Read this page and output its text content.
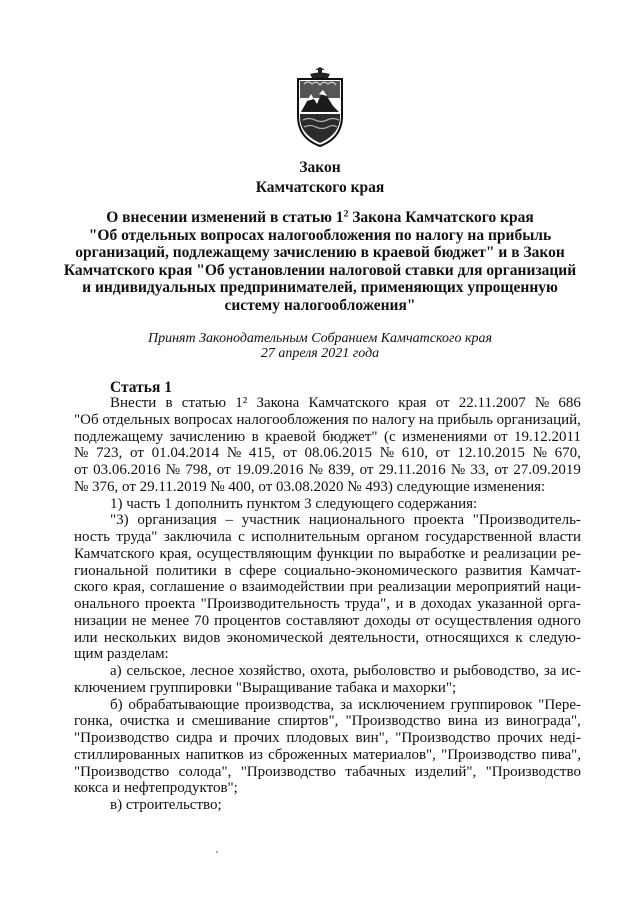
Закон
Камчатского края
О внесении изменений в статью $1^2$ Закона Камчатского края
"Об отдельных вопросах налогообложения по налогу на прибыль
организаций, подлежащему зачислению в краевой бюджет" и в Закон
Камчатского края "Об установлении налоговой ставки для организаций
и индивидуальных предпринимателей, применяющих упрощенную
систему налогообложения"
Принят Законодательным Собранием Камчатского края
27 апреля 2021 года
Статья 1
Внести в статью 1² Закона Камчатского края от 22.11.2007 № 686
"Об отдельных вопросах налогообложения по налогу на прибыль организаций,
подлежащему зачислению в краевой бюджет" (с изменениями от 19.12.2011
№ 723, от 01.04.2014 № 415, от 08.06.2015 № 610, от 12.10.2015 № 670,
от 03.06.2016 № 798, от 19.09.2016 № 839, от 29.11.2016 № 33, от 27.09.2019
№ 376, от 29.11.2019 № 400, от 03.08.2020 № 493) следующие изменения:
1) часть 1 дополнить пунктом 3 следующего содержания:
"3) организация – участник национального проекта "Производитель-
ность труда" заключила с исполнительным органом государственной власти
Камчатского края, осуществляющим функции по выработке и реализации ре-
гиональной политики в сфере социально-экономического развития Камчат-
ского края, соглашение о взаимодействии при реализации мероприятий наци-
онального проекта "Производительность труда", и в доходах указанной орга-
низации не менее 70 процентов составляют доходы от осуществления одного
или нескольких видов экономической деятельности, относящихся к следую-
щим разделам:
а) сельское, лесное хозяйство, охота, рыболовство и рыбоводство, за ис-
ключением группировки "Выращивание табака и махорки";
б) обрабатывающие производства, за исключением группировок "Пере-
гонка, очистка и смешивание спиртов", "Производство вина из винограда",
"Производство сидра и прочих плодовых вин", "Производство прочих недi-
стиллированных напитков из сброженных материалов", "Производство пива",
"Производство солода", "Производство табачных изделий", "Производство
кокса и нефтепродуктов";
в) строительство;
